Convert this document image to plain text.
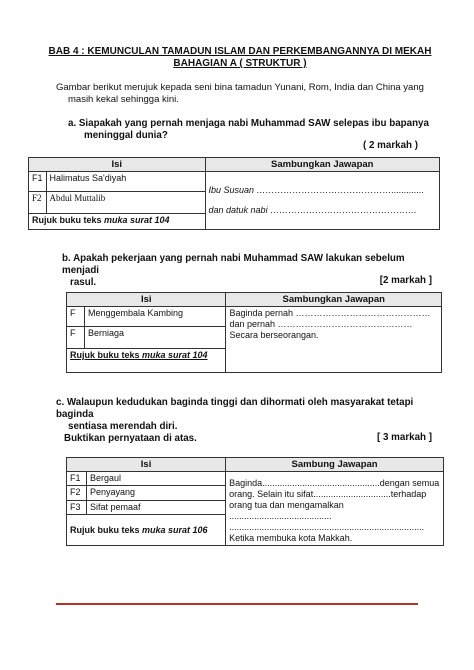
BAB 4 : KEMUNCULAN TAMADUN ISLAM DAN PERKEMBANGANNYA DI MEKAH
BAHAGIAN A ( STRUKTUR )
Gambar berikut merujuk kepada seni bina tamadun Yunani, Rom, India dan China yang
masih kekal sehingga kini.
a. Siapakah yang pernah menjaga nabi Muhammad SAW selepas ibu bapanya
meninggal dunia?
( 2 markah )
Isi		Sambungkan Jawapan
F1	Halimatus Sa'diyah	Ibu Susuan ……………………………………….............
dan datuk nabi ………………………………………….

F2	Abdul Muttalib	
Rujuk buku teks muka surat 104		
b. Apakah pekerjaan yang pernah nabi Muhammad SAW lakukan sebelum menjadi
rasul.	[2 markah ]
Isi		Sambungkan Jawapan
F	Menggembala Kambing	Baginda pernah ………………………………………
dan pernah ………………………………………
Secara berseorangan.

F	Berniaga	
Rujuk buku teks muka surat 104		
c. Walaupun kedudukan baginda tinggi dan dihormati oleh masyarakat tetapi baginda
sentiasa merendah diri.
Buktikan pernyataan di atas.	[ 3 markah ]
Isi		Sambung Jawapan
F1	Bergaul	Baginda...............................................dengan semua
orang. Selain itu sifat...............................terhadap
orang tua dan mengamalkan .........................................
..............................................................................
Ketika membuka kota Makkah.

F2	Penyayang	
F3	Sifat pemaaf	
Rujuk buku teks muka surat 106		
